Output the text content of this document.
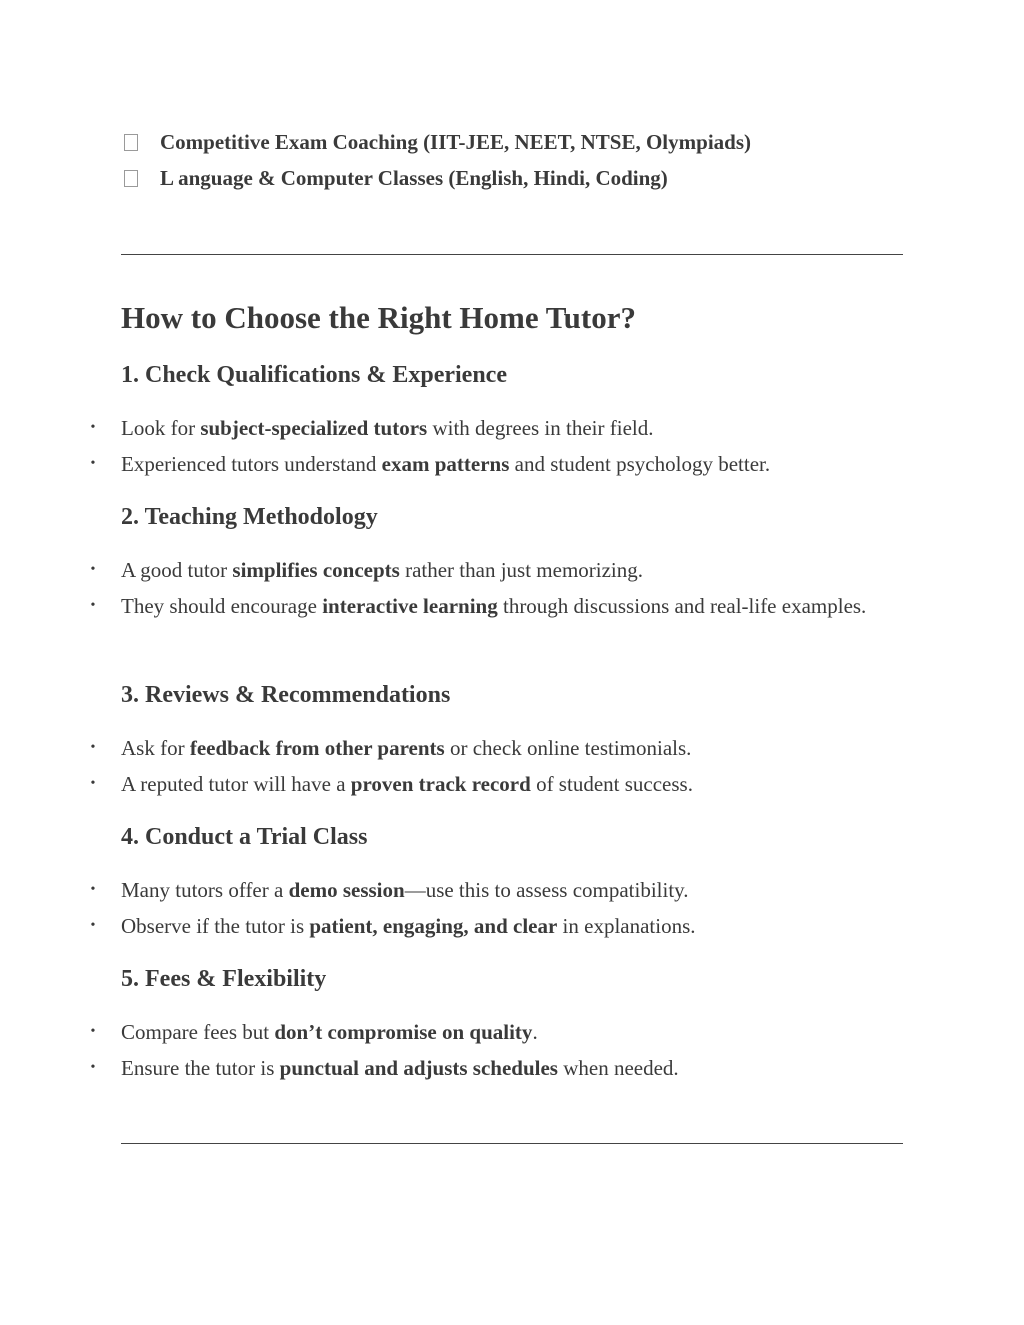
Competitive Exam Coaching (IIT-JEE, NEET, NTSE, Olympiads)
L anguage & Computer Classes (English, Hindi, Coding)
How to Choose the Right Home Tutor?
1. Check Qualifications & Experience
• Look for subject-specialized tutors with degrees in their field.
• Experienced tutors understand exam patterns and student psychology better.
2. Teaching Methodology
• A good tutor simplifies concepts rather than just memorizing.
• They should encourage interactive learning through discussions and real-life examples.
3. Reviews & Recommendations
• Ask for feedback from other parents or check online testimonials.
• A reputed tutor will have a proven track record of student success.
4. Conduct a Trial Class
• Many tutors offer a demo session—use this to assess compatibility.
• Observe if the tutor is patient, engaging, and clear in explanations.
5. Fees & Flexibility
• Compare fees but don’t compromise on quality.
• Ensure the tutor is punctual and adjusts schedules when needed.
